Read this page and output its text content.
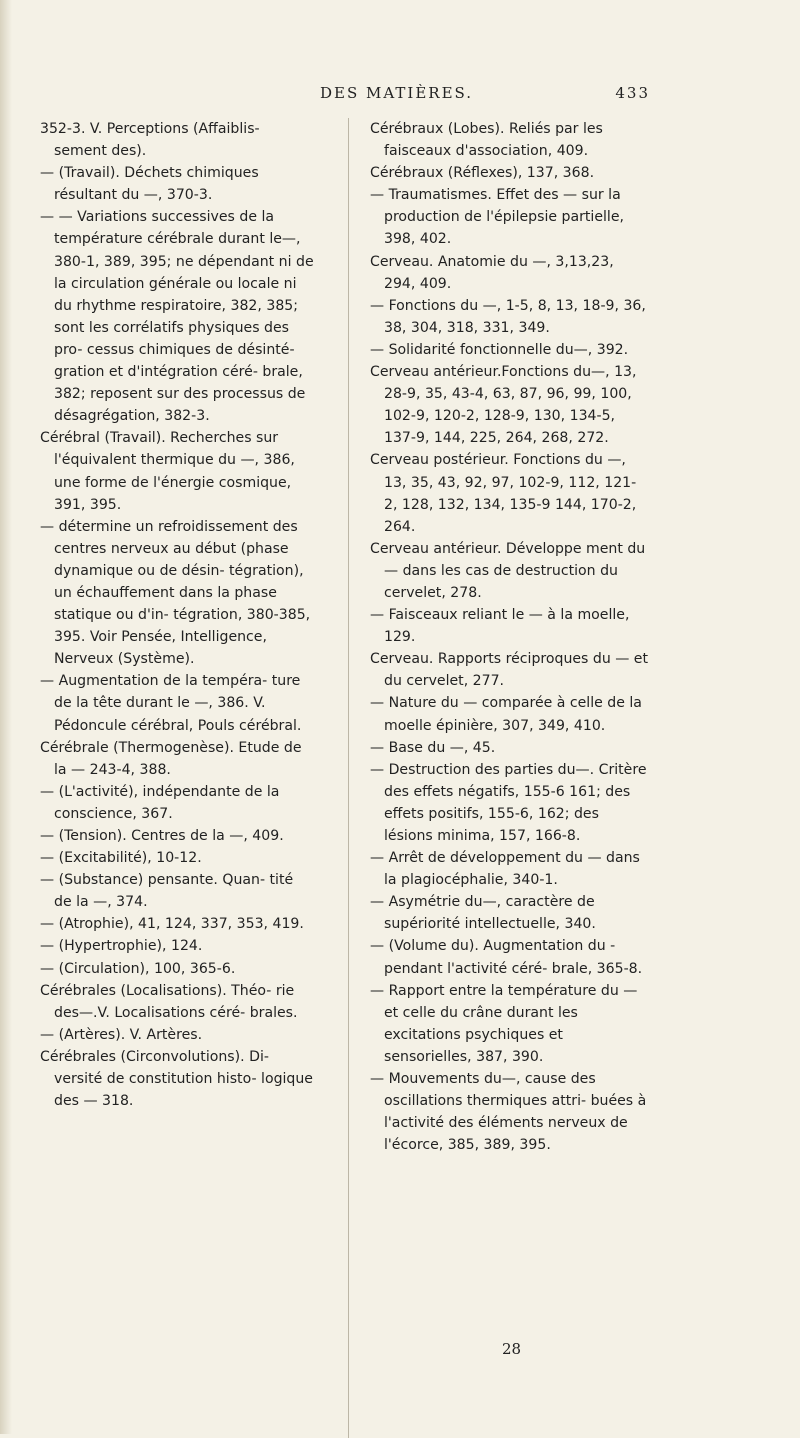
DES MATIÈRES.	433

352-3. V. Perceptions (Affaiblis- sement des).

— (Travail). Déchets chimiques résultant du —, 370-3.

— — Variations successives de la température cérébrale durant le—, 380-1, 389, 395; ne dépendant ni de la circulation générale ou locale ni du rhythme respiratoire, 382, 385; sont les corrélatifs physiques des pro- cessus chimiques de désinté- gration et d'intégration céré- brale, 382; reposent sur des processus de désagrégation, 382-3.

Cérébral (Travail). Recherches sur l'équivalent thermique du —, 386, une forme de l'énergie cosmique, 391, 395.

— détermine un refroidissement des centres nerveux au début (phase dynamique ou de désin- tégration), un échauffement dans la phase statique ou d'in- tégration, 380-385, 395. Voir Pensée, Intelligence, Nerveux (Système).

— Augmentation de la tempéra- ture de la tête durant le —, 386. V. Pédoncule cérébral, Pouls cérébral.

Cérébrale (Thermogenèse). Etude de la — 243-4, 388.

— (L'activité), indépendante de la conscience, 367.

— (Tension). Centres de la —, 409.

— (Excitabilité), 10-12.

— (Substance) pensante. Quan- tité de la —, 374.

— (Atrophie), 41, 124, 337, 353, 419.

— (Hypertrophie), 124.

— (Circulation), 100, 365-6.

Cérébrales (Localisations). Théo- rie des—.V. Localisations céré- brales.

— (Artères). V. Artères.

Cérébrales (Circonvolutions). Di- versité de constitution histo- logique des — 318.

Cérébraux (Lobes). Reliés par les faisceaux d'association, 409.

Cérébraux (Réflexes), 137, 368.

— Traumatismes. Effet des — sur la production de l'épilepsie partielle, 398, 402.

Cerveau. Anatomie du —, 3,13,23, 294, 409.

— Fonctions du —, 1-5, 8, 13, 18-9, 36, 38, 304, 318, 331, 349.

— Solidarité fonctionnelle du—, 392.

Cerveau antérieur.Fonctions du—, 13, 28-9, 35, 43-4, 63, 87, 96, 99, 100, 102-9, 120-2, 128-9, 130, 134-5, 137-9, 144, 225, 264, 268, 272.

Cerveau postérieur. Fonctions du —, 13, 35, 43, 92, 97, 102-9, 112, 121-2, 128, 132, 134, 135-9 144, 170-2, 264.

Cerveau antérieur. Développe ment du — dans les cas de destruction du cervelet, 278.

— Faisceaux reliant le — à la moelle, 129.

Cerveau. Rapports réciproques du — et du cervelet, 277.

— Nature du — comparée à celle de la moelle épinière, 307, 349, 410.

— Base du —, 45.

— Destruction des parties du—. Critère des effets négatifs, 155-6 161; des effets positifs, 155-6, 162; des lésions minima, 157, 166-8.

— Arrêt de développement du — dans la plagiocéphalie, 340-1.

— Asymétrie du—, caractère de supériorité intellectuelle, 340.

— (Volume du). Augmentation du - pendant l'activité céré- brale, 365-8.

— Rapport entre la température du — et celle du crâne durant les excitations psychiques et sensorielles, 387, 390.

— Mouvements du—, cause des oscillations thermiques attri- buées à l'activité des éléments nerveux de l'écorce, 385, 389, 395.

28
